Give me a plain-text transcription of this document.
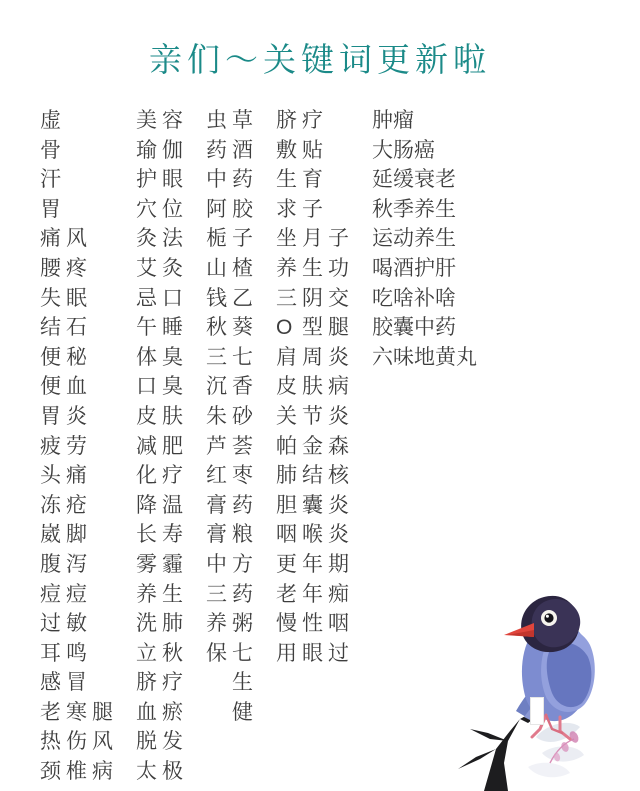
亲们～关键词更新啦
虚
骨
汗
胃
痛
腰
失
结
便
便
胃
疲
头
冻
崴
腹
痘
过
耳
感
老
热
颈
风
疼
眠
石
秘
血
炎
劳
痛
疮
脚
泻
痘
敏
鸣
冒
寒
伤
椎
腿
风
病
美
瑜
护
穴
灸
艾
忌
午
体
口
皮
减
化
降
长
雾
养
洗
立
脐
血
脱
太
容
伽
眼
位
法
灸
口
睡
臭
臭
肤
肥
疗
温
寿
霾
生
肺
秋
疗
瘀
发
极
虫
药
中
阿
栀
山
钱
秋
三
沉
朱
芦
红
膏
膏
中
三
养
保
草
酒
药
胶
子
楂
乙
葵
七
香
砂
荟
枣
药
粮
方
药
粥
七
生
健
脐
敷
生
求
坐
养
三
O
肩
皮
关
帕
肺
胆
咽
更
老
慢
用
疗
贴
育
子
月
生
阴
型
周
肤
节
金
结
囊
喉
年
年
性
眼
子
功
交
腿
炎
病
炎
森
核
炎
炎
期
痴
咽
过
肿瘤
大肠癌
延缓衰老
秋季养生
运动养生
喝酒护肝
吃啥补啥
胶囊中药
六味地黄丸
